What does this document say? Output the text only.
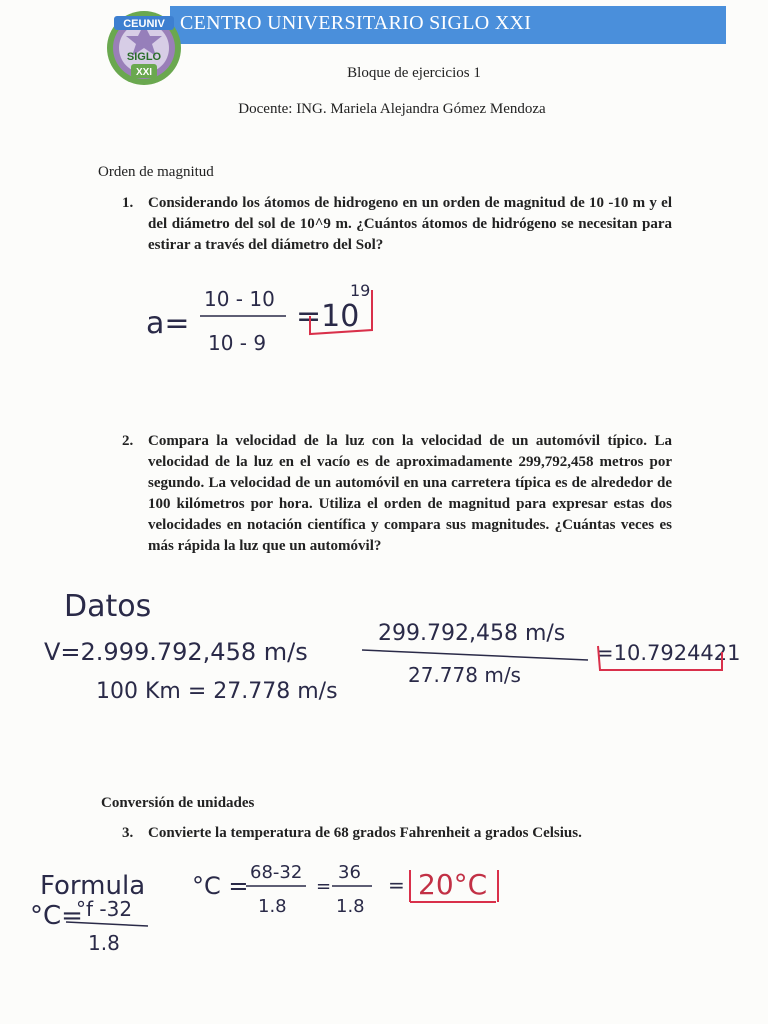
CENTRO UNIVERSITARIO SIGLO XXI
CEUNIV
SIGLO
XXI	Bloque de ejercicios 1
Docente: ING. Mariela Alejandra Gómez Mendoza
Orden de magnitud
1. Considerando los átomos de hidrogeno en un orden de magnitud de 10 -10 m y el del diámetro del sol de 10^9 m. ¿Cuántos átomos de hidrógeno se necesitan para estirar a través del diámetro del Sol?
2. Compara la velocidad de la luz con la velocidad de un automóvil típico. La velocidad de la luz en el vacío es de aproximadamente 299,792,458 metros por segundo. La velocidad de un automóvil en una carretera típica es de alrededor de 100 kilómetros por hora. Utiliza el orden de magnitud para expresar estas dos velocidades en notación científica y compara sus magnitudes. ¿Cuántas veces es más rápida la luz que un automóvil?
Conversión de unidades
3. Convierte la temperatura de 68 grados Fahrenheit a grados Celsius.
a=
10 - 10
10 - 9
=10
19
Datos
V=2.999.792,458 m/s
100 Km = 27.778 m/s
299.792,458 m/s
27.778 m/s
=10.7924421
Formula
°C=
°f -32
1.8
°C = 68-32
1.8
=
36
1.8
= 20°C
